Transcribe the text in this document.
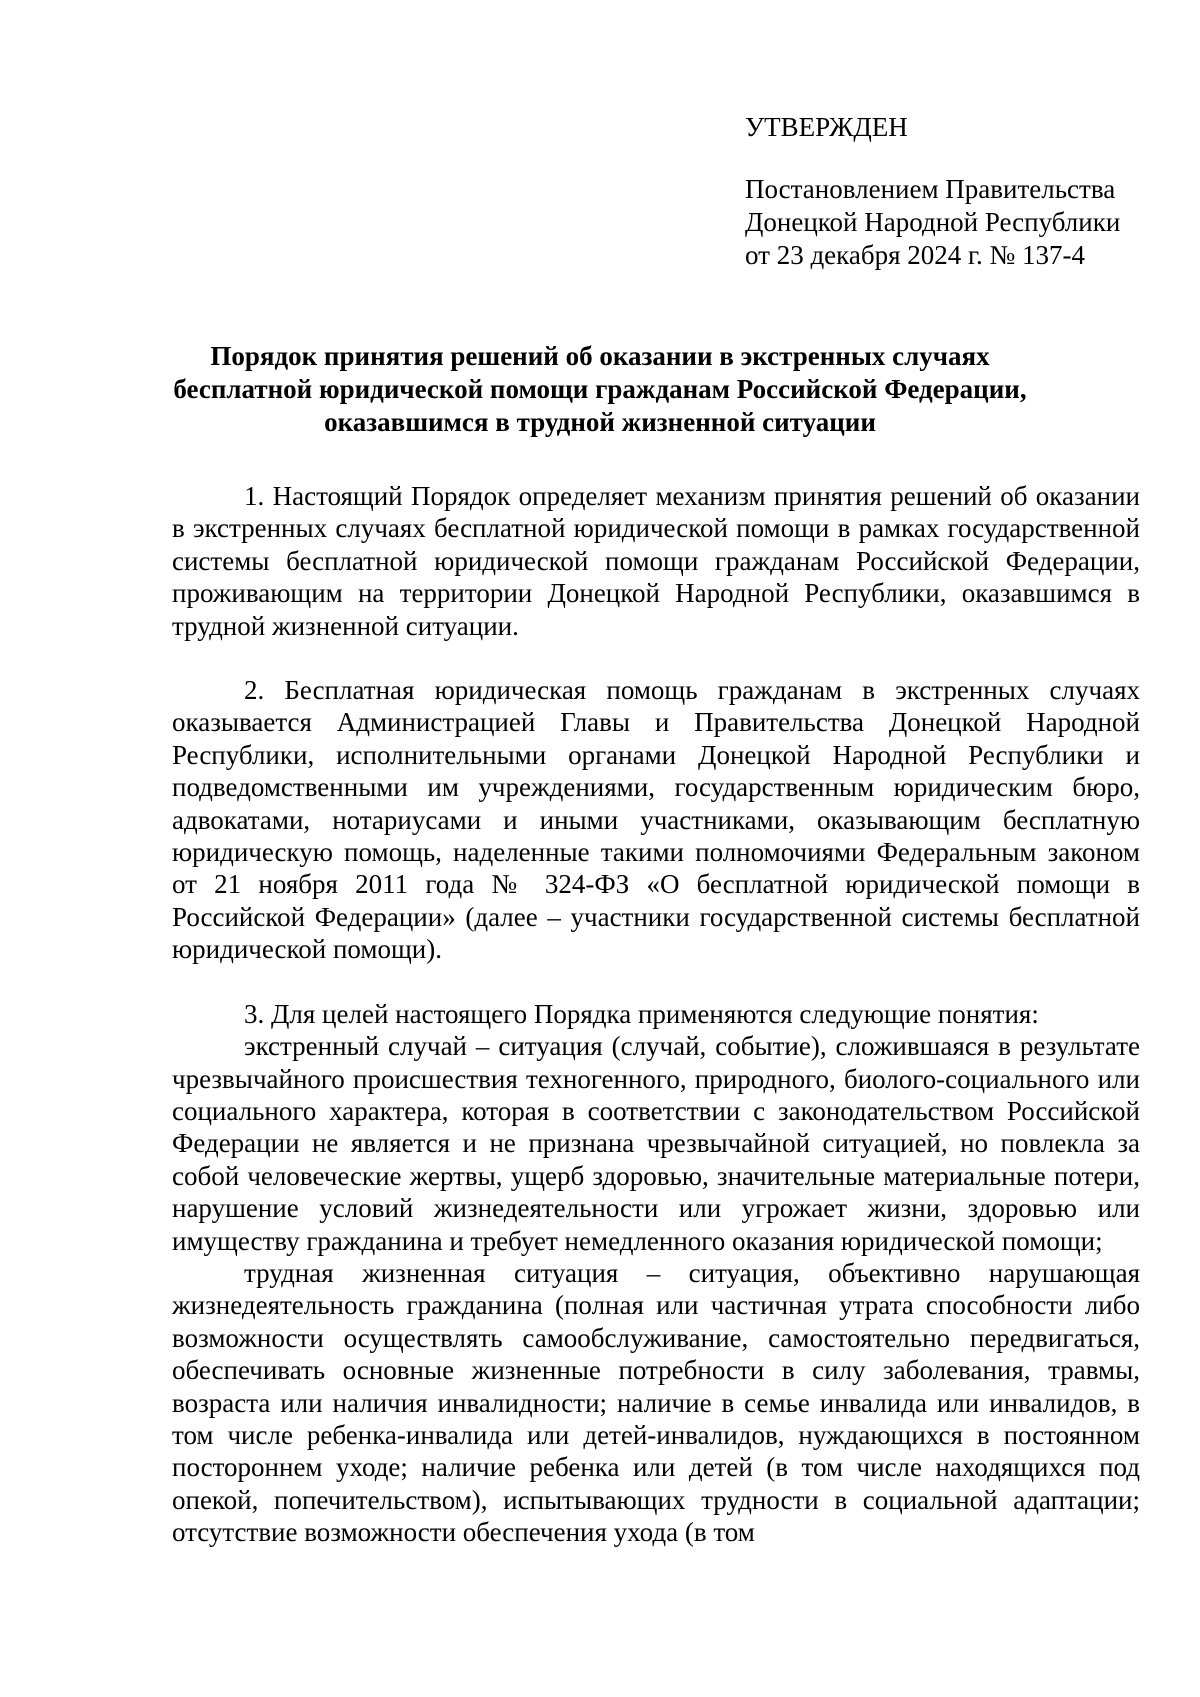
УТВЕРЖДЕН
Постановлением Правительства
Донецкой Народной Республики
от 23 декабря 2024 г. № 137-4
Порядок принятия решений об оказании в экстренных случаях
бесплатной юридической помощи гражданам Российской Федерации,
оказавшимся в трудной жизненной ситуации

1. Настоящий Порядок определяет механизм принятия решений об оказании в экстренных случаях бесплатной юридической помощи в рамках государственной системы бесплатной юридической помощи гражданам Российской Федерации, проживающим на территории Донецкой Народной Республики, оказавшимся в трудной жизненной ситуации.

2. Бесплатная юридическая помощь гражданам в экстренных случаях оказывается Администрацией Главы и Правительства Донецкой Народной Республики, исполнительными органами Донецкой Народной Республики и подведомственными им учреждениями, государственным юридическим бюро, адвокатами, нотариусами и иными участниками, оказывающим бесплатную юридическую помощь, наделенные такими полномочиями Федеральным законом от 21 ноября 2011 года № 324-ФЗ «О бесплатной юридической помощи в Российской Федерации» (далее – участники государственной системы бесплатной юридической помощи).

3. Для целей настоящего Порядка применяются следующие понятия:

экстренный случай – ситуация (случай, событие), сложившаяся в результате чрезвычайного происшествия техногенного, природного, биолого-социального или социального характера, которая в соответствии с законодательством Российской Федерации не является и не признана чрезвычайной ситуацией, но повлекла за собой человеческие жертвы, ущерб здоровью, значительные материальные потери, нарушение условий жизнедеятельности или угрожает жизни, здоровью или имуществу гражданина и требует немедленного оказания юридической помощи;

трудная жизненная ситуация – ситуация, объективно нарушающая жизнедеятельность гражданина (полная или частичная утрата способности либо возможности осуществлять самообслуживание, самостоятельно передвигаться, обеспечивать основные жизненные потребности в силу заболевания, травмы, возраста или наличия инвалидности; наличие в семье инвалида или инвалидов, в том числе ребенка-инвалида или детей-инвалидов, нуждающихся в постоянном постороннем уходе; наличие ребенка или детей (в том числе находящихся под опекой, попечительством), испытывающих трудности в социальной адаптации; отсутствие возможности обеспечения ухода (в том
